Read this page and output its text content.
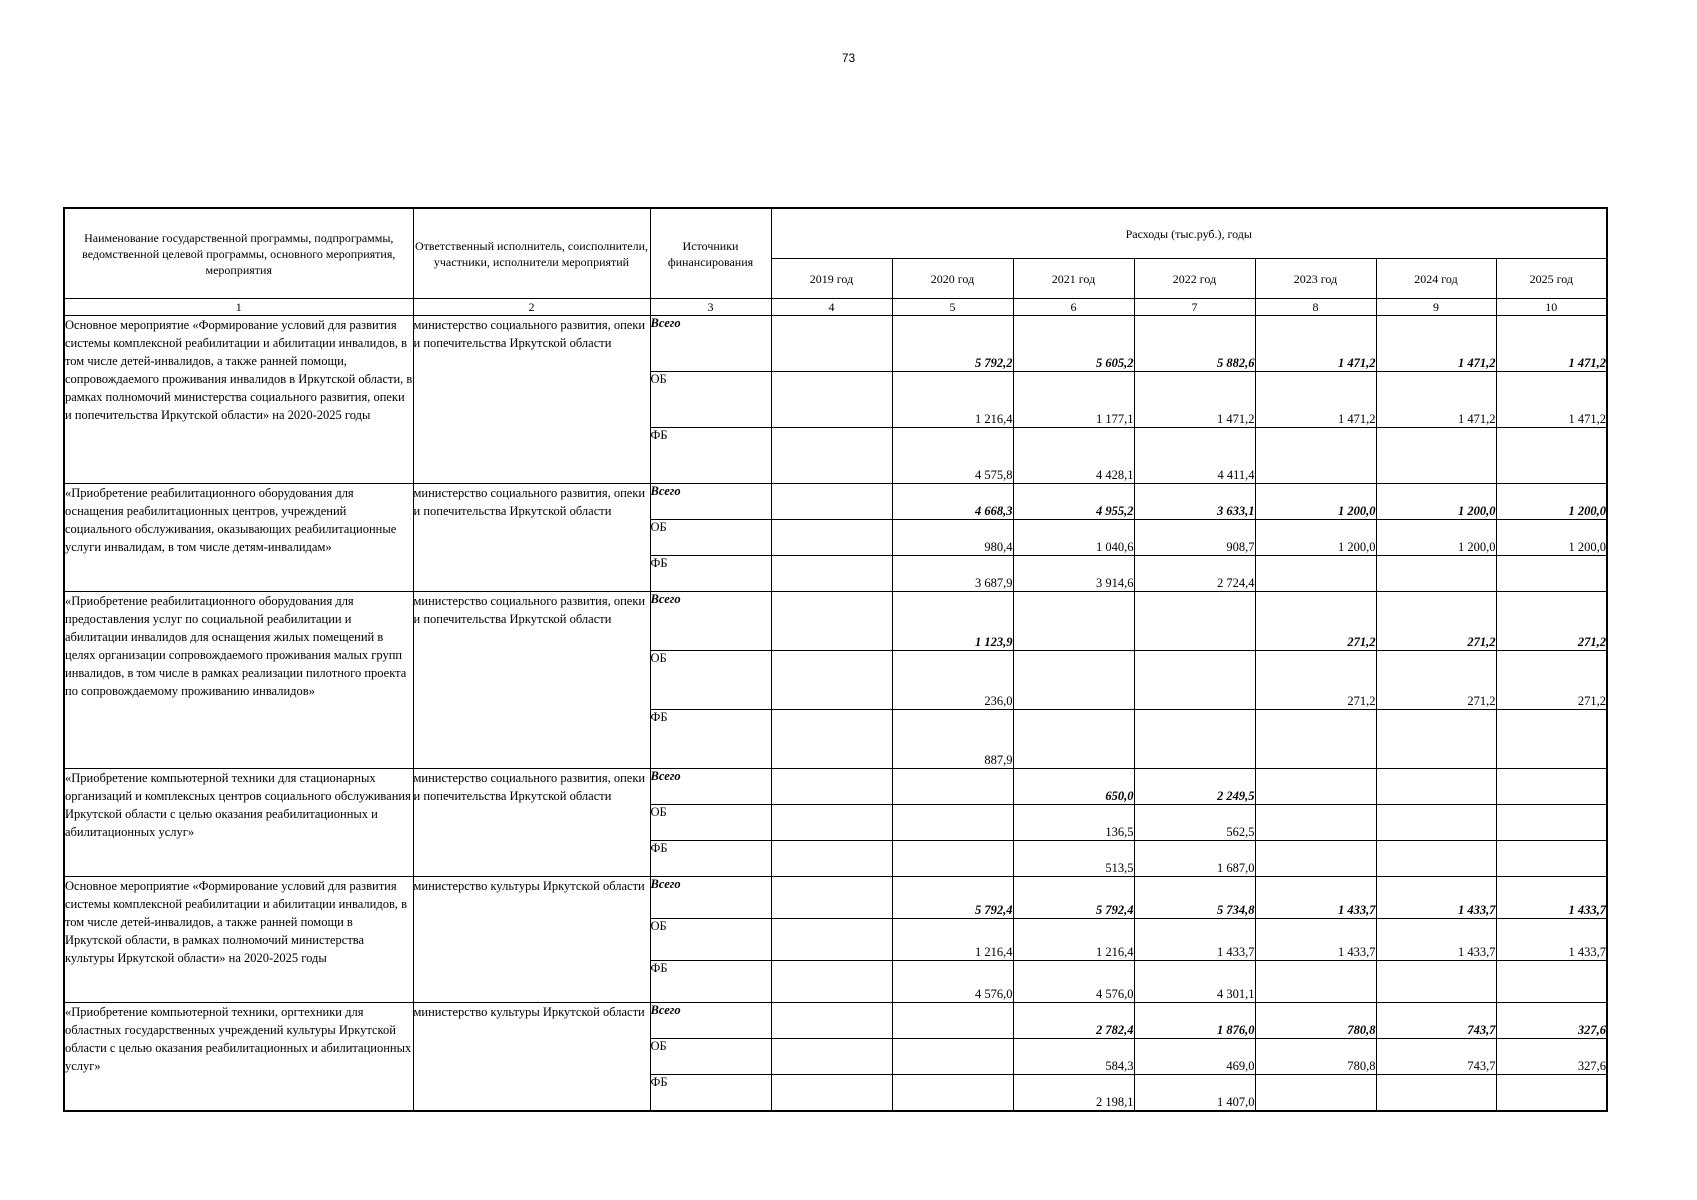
73
Наименование государственной программы, подпрограммы, ведомственной целевой программы, основного мероприятия, мероприятия	Ответственный исполнитель, соисполнители, участники, исполнители мероприятий	Источники финансирования	Расходы (тыс.руб.), годы						
			2019 год	2020 год	2021 год	2022 год	2023 год	2024 год	2025 год
1	2	3	4	5	6	7	8	9	10
Основное мероприятие «Формирование условий для развития системы комплексной реабилитации и абилитации инвалидов, в том числе детей-инвалидов, а также ранней помощи, сопровождаемого проживания инвалидов в Иркутской области, в рамках полномочий министерства социального развития, опеки и попечительства Иркутской области» на 2020-2025 годы	министерство социального развития, опеки и попечительства Иркутской области	Всего		5 792,2	5 605,2	5 882,6	1 471,2	1 471,2	1 471,2
		ОБ		1 216,4	1 177,1	1 471,2	1 471,2	1 471,2	1 471,2
		ФБ		4 575,8	4 428,1	4 411,4			
«Приобретение реабилитационного оборудования для оснащения реабилитационных центров, учреждений социального обслуживания, оказывающих реабилитационные услуги инвалидам, в том числе детям-инвалидам»	министерство социального развития, опеки и попечительства Иркутской области	Всего		4 668,3	4 955,2	3 633,1	1 200,0	1 200,0	1 200,0
		ОБ		980,4	1 040,6	908,7	1 200,0	1 200,0	1 200,0
		ФБ		3 687,9	3 914,6	2 724,4			
«Приобретение реабилитационного оборудования для предоставления услуг по социальной реабилитации и абилитации инвалидов для оснащения жилых помещений в целях организации сопровождаемого проживания малых групп инвалидов, в том числе в рамках реализации пилотного проекта по сопровождаемому проживанию инвалидов»	министерство социального развития, опеки и попечительства Иркутской области	Всего		1 123,9			271,2	271,2	271,2
		ОБ		236,0			271,2	271,2	271,2
		ФБ		887,9					
«Приобретение компьютерной техники для стационарных организаций и комплексных центров социального обслуживания Иркутской области с целью оказания реабилитационных и абилитационных услуг»	министерство социального развития, опеки и попечительства Иркутской области	Всего			650,0	2 249,5			
		ОБ			136,5	562,5			
		ФБ			513,5	1 687,0			
Основное мероприятие «Формирование условий для развития системы комплексной реабилитации и абилитации инвалидов, в том числе детей-инвалидов, а также ранней помощи в Иркутской области, в рамках полномочий министерства культуры Иркутской области» на 2020-2025 годы	министерство культуры Иркутской области	Всего		5 792,4	5 792,4	5 734,8	1 433,7	1 433,7	1 433,7
		ОБ		1 216,4	1 216,4	1 433,7	1 433,7	1 433,7	1 433,7
		ФБ		4 576,0	4 576,0	4 301,1			
«Приобретение компьютерной техники, оргтехники для областных государственных учреждений культуры Иркутской области с целью оказания реабилитационных и абилитационных услуг»	министерство культуры Иркутской области	Всего			2 782,4	1 876,0	780,8	743,7	327,6
		ОБ			584,3	469,0	780,8	743,7	327,6
		ФБ			2 198,1	1 407,0			
